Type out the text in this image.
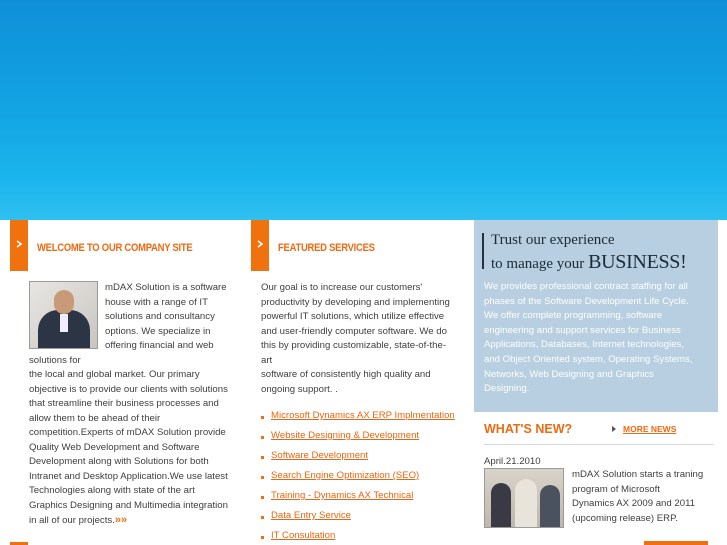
WELCOME TO OUR COMPANY SITE
mDAX Solution is a software
house with a range of IT
solutions and consultancy
options. We specialize in
offering financial and web
solutions for
the local and global market. Our primary
objective is to provide our clients with solutions
that streamline their business processes and
allow them to be ahead of their
competition.Experts of mDAX Solution provide
Quality Web Development and Software
Development along with Solutions for both
Intranet and Desktop Application.We use latest
Technologies along with state of the art
Graphics Designing and Multimedia integration
in all of our projects.»»
FEATURED SERVICES
Our goal is to increase our customers'
productivity by developing and implementing
powerful IT solutions, which utilize effective
and user-friendly computer software. We do
this by providing customizable, state-of-the-
art
software of consistently high quality and
ongoing support. .
Microsoft Dynamics AX ERP Implmentation
Website Designing & Development
Software Development
Search Engine Optimization (SEO)
Training - Dynamics AX Technical
Data Entry Service
IT Consultation
Trust our experience
to manage your BUSINESS!
We provides professional contract staffing for all
phases of the Software Development Life Cycle.
We offer complete programming, software
engineering and support services for Business
Applications, Databases, Internet technologies,
and Object Oriented system, Operating Systems,
Networks, Web Designing and Graphics
Designing.
WHAT'S NEW?	MORE NEWS
April.21.2010
mDAX Solution starts a traning
program of Microsoft
Dynamics AX 2009 and 2011
(upcoming release) ERP.
